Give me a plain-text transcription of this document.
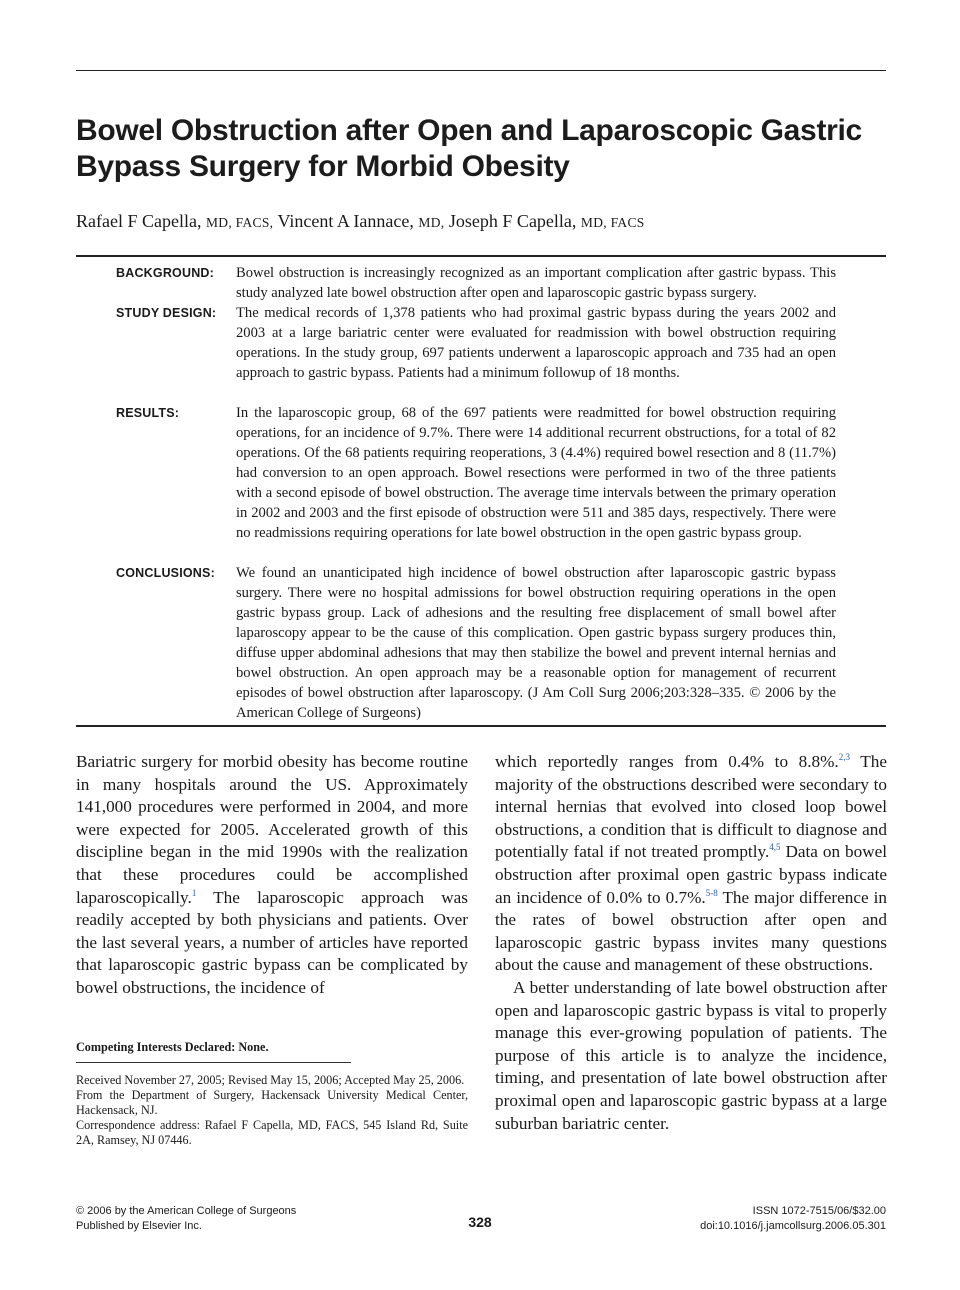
Bowel Obstruction after Open and Laparoscopic Gastric Bypass Surgery for Morbid Obesity
Rafael F Capella, MD, FACS, Vincent A Iannace, MD, Joseph F Capella, MD, FACS
BACKGROUND: Bowel obstruction is increasingly recognized as an important complication after gastric bypass. This study analyzed late bowel obstruction after open and laparoscopic gastric bypass surgery.

STUDY DESIGN: The medical records of 1,378 patients who had proximal gastric bypass during the years 2002 and 2003 at a large bariatric center were evaluated for readmission with bowel obstruction requiring operations. In the study group, 697 patients underwent a laparoscopic approach and 735 had an open approach to gastric bypass. Patients had a minimum followup of 18 months.

RESULTS:	In the laparoscopic group, 68 of the 697 patients were readmitted for bowel obstruction requiring operations, for an incidence of 9.7%. There were 14 additional recurrent obstructions, for a total of 82 operations. Of the 68 patients requiring reoperations, 3 (4.4%) required bowel resection and 8 (11.7%) had conversion to an open approach. Bowel resections were performed in two of the three patients with a second episode of bowel obstruction. The average time intervals between the primary operation in 2002 and 2003 and the first episode of obstruction were 511 and 385 days, respectively. There were no readmissions requiring operations for late bowel obstruction in the open gastric bypass group.

CONCLUSIONS: We found an unanticipated high incidence of bowel obstruction after laparoscopic gastric bypass surgery. There were no hospital admissions for bowel obstruction requiring operations in the open gastric bypass group. Lack of adhesions and the resulting free displacement of small bowel after laparoscopy appear to be the cause of this complication. Open gastric bypass surgery produces thin, diffuse upper abdominal adhesions that may then stabilize the bowel and prevent internal hernias and bowel obstruction. An open approach may be a reasonable option for management of recurrent episodes of bowel obstruction after laparoscopy. (J Am Coll Surg 2006;203:328–335. © 2006 by the American College of Surgeons)

Bariatric surgery for morbid obesity has become routine in many hospitals around the US. Approximately 141,000 procedures were performed in 2004, and more were expected for 2005. Accelerated growth of this discipline began in the mid 1990s with the realization that these procedures could be accomplished laparoscopically.$^1$ The laparoscopic approach was readily accepted by both physicians and patients. Over the last several years, a number of articles have reported that laparoscopic gastric bypass can be complicated by bowel obstructions, the incidence of

which reportedly ranges from 0.4% to 8.8%.$^{2,3}$ The majority of the obstructions described were secondary to internal hernias that evolved into closed loop bowel obstructions, a condition that is difficult to diagnose and potentially fatal if not treated promptly.$^{4,5}$ Data on bowel obstruction after proximal open gastric bypass indicate an incidence of 0.0% to 0.7%.$^{5-8}$ The major difference in the rates of bowel obstruction after open and laparoscopic gastric bypass invites many questions about the cause and management of these obstructions.

A better understanding of late bowel obstruction after open and laparoscopic gastric bypass is vital to properly manage this ever-growing population of patients. The purpose of this article is to analyze the incidence, timing, and presentation of late bowel obstruction after proximal open and laparoscopic gastric bypass at a large suburban bariatric center.

Competing Interests Declared: None.

Received November 27, 2005; Revised May 15, 2006; Accepted May 25, 2006.

From the Department of Surgery, Hackensack University Medical Center, Hackensack, NJ.

Correspondence address: Rafael F Capella, MD, FACS, 545 Island Rd, Suite 2A, Ramsey, NJ 07446.

© 2006 by the American College of Surgeons
Published by Elsevier Inc.	328
ISSN 1072-7515/06/$32.00
doi:10.1016/j.jamcollsurg.2006.05.301
